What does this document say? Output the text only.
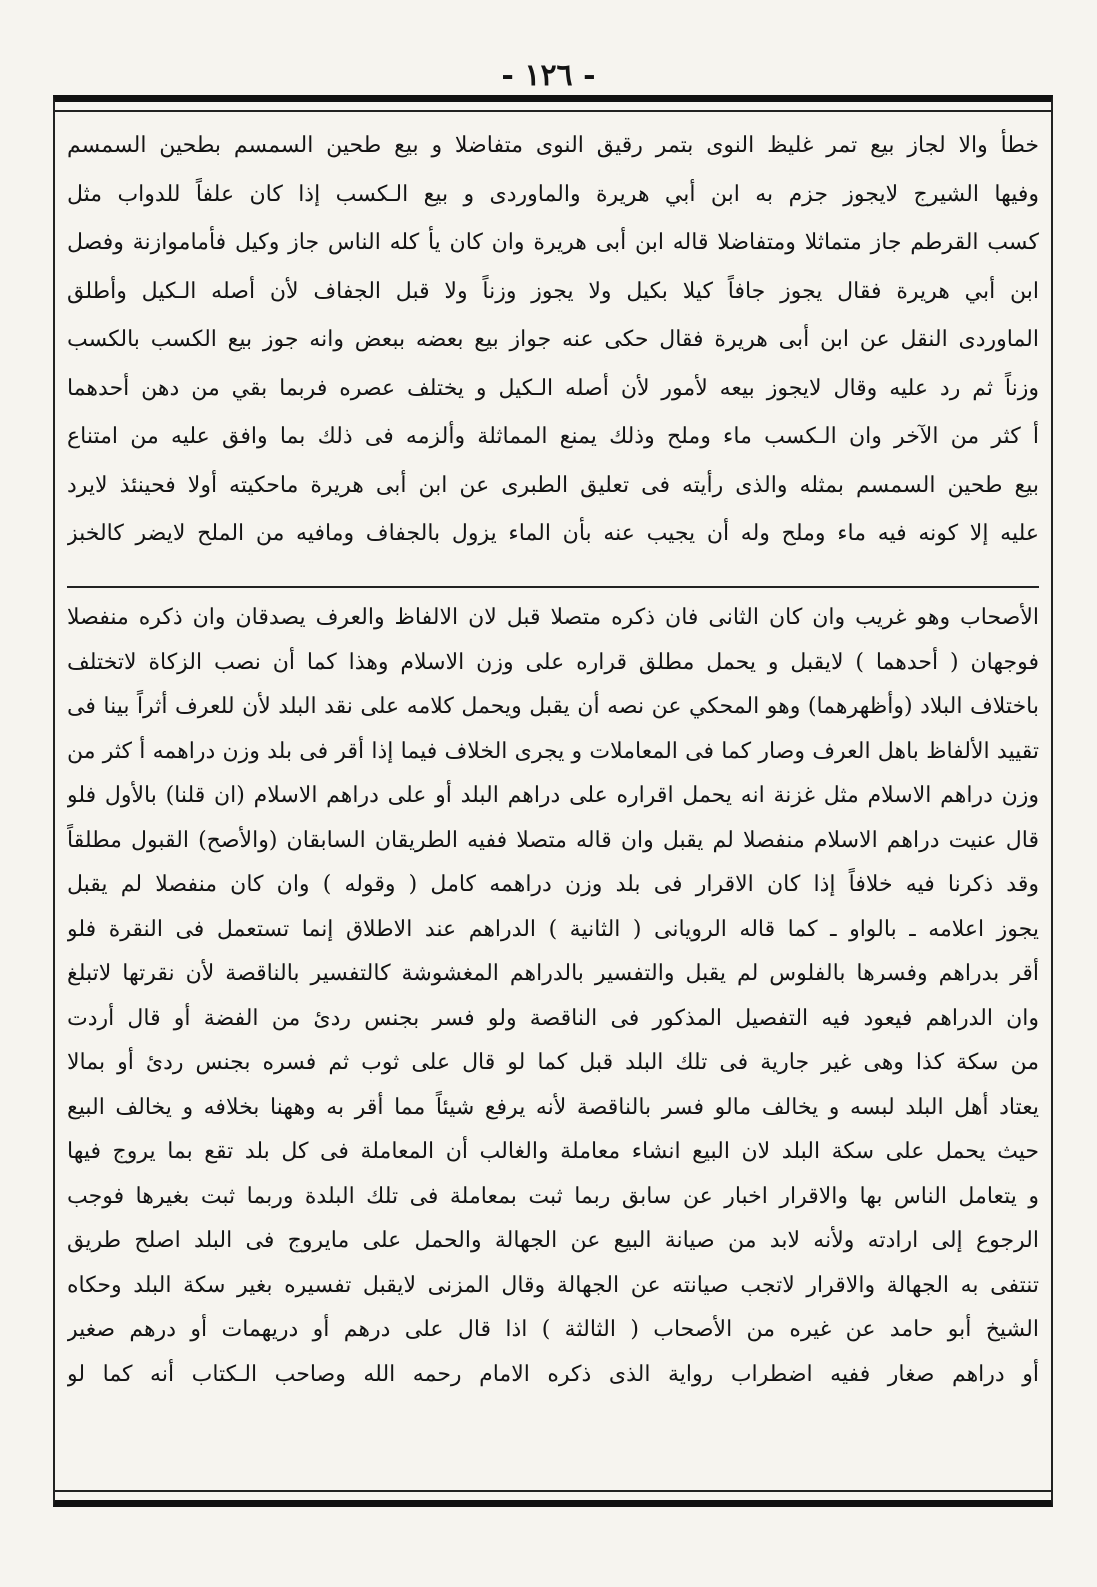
- ١٢٦ -
خطأ والا لجاز بيع تمر غليظ النوى بتمر رقيق النوى متفاضلا و بيع طحين السمسم بطحين السمسم
وفيها الشيرج لايجوز جزم به ابن أبي هريرة والماوردى و بيع الـكسب إذا كان علفاً للدواب مثل
كسب القرطم جاز متماثلا ومتفاضلا قاله ابن أبى هريرة وان كان يأ كله الناس جاز وكيل فأماموازنة وفصل
ابن أبي هريرة فقال يجوز جافاً كيلا بكيل ولا يجوز وزناً ولا قبل الجفاف لأن أصله الـكيل وأطلق
الماوردى النقل عن ابن أبى هريرة فقال حكى عنه جواز بيع بعضه ببعض وانه جوز بيع الكسب بالكسب
وزناً ثم رد عليه وقال لايجوز بيعه لأمور لأن أصله الـكيل و يختلف عصره فربما بقي من دهن أحدهما
أ كثر من الآخر وان الـكسب ماء وملح وذلك يمنع المماثلة وألزمه فى ذلك بما وافق عليه من امتناع
بيع طحين السمسم بمثله والذى رأيته فى تعليق الطبرى عن ابن أبى هريرة ماحكيته أولا فحينئذ لايرد
عليه إلا كونه فيه ماء وملح وله أن يجيب عنه بأن الماء يزول بالجفاف ومافيه من الملح لايضر كالخبز
الأصحاب وهو غريب وان كان الثانى فان ذكره متصلا قبل لان الالفاظ والعرف يصدقان وان ذكره منفصلا
فوجهان ( أحدهما ) لايقبل و يحمل مطلق قراره على وزن الاسلام وهذا كما أن نصب الزكاة لاتختلف
باختلاف البلاد (وأظهرهما) وهو المحكي عن نصه أن يقبل ويحمل كلامه على نقد البلد لأن للعرف أثراً بينا فى
تقييد الألفاظ باهل العرف وصار كما فى المعاملات و يجرى الخلاف فيما إذا أقر فى بلد وزن دراهمه أ كثر من
وزن دراهم الاسلام مثل غزنة انه يحمل اقراره على دراهم البلد أو على دراهم الاسلام (ان قلنا) بالأول فلو
قال عنيت دراهم الاسلام منفصلا لم يقبل وان قاله متصلا ففيه الطريقان السابقان (والأصح) القبول مطلقاً
وقد ذكرنا فيه خلافاً إذا كان الاقرار فى بلد وزن دراهمه كامل ( وقوله ) وان كان منفصلا لم يقبل
يجوز اعلامه ـ بالواو ـ كما قاله الرويانى ( الثانية ) الدراهم عند الاطلاق إنما تستعمل فى النقرة فلو
أقر بدراهم وفسرها بالفلوس لم يقبل والتفسير بالدراهم المغشوشة كالتفسير بالناقصة لأن نقرتها لاتبلغ
وان الدراهم فيعود فيه التفصيل المذكور فى الناقصة ولو فسر بجنس ردئ من الفضة أو قال أردت
من سكة كذا وهى غير جارية فى تلك البلد قبل كما لو قال على ثوب ثم فسره بجنس ردئ أو بمالا
يعتاد أهل البلد لبسه و يخالف مالو فسر بالناقصة لأنه يرفع شيئاً مما أقر به وههنا بخلافه و يخالف البيع
حيث يحمل على سكة البلد لان البيع انشاء معاملة والغالب أن المعاملة فى كل بلد تقع بما يروج فيها
و يتعامل الناس بها والاقرار اخبار عن سابق ربما ثبت بمعاملة فى تلك البلدة وربما ثبت بغيرها فوجب
الرجوع إلى ارادته ولأنه لابد من صيانة البيع عن الجهالة والحمل على مايروج فى البلد اصلح طريق
تنتفى به الجهالة والاقرار لاتجب صيانته عن الجهالة وقال المزنى لايقبل تفسيره بغير سكة البلد وحكاه
الشيخ أبو حامد عن غيره من الأصحاب ( الثالثة ) اذا قال على درهم أو دريهمات أو درهم صغير
أو دراهم صغار ففيه اضطراب رواية الذى ذكره الامام رحمه الله وصاحب الـكتاب أنه كما لو
